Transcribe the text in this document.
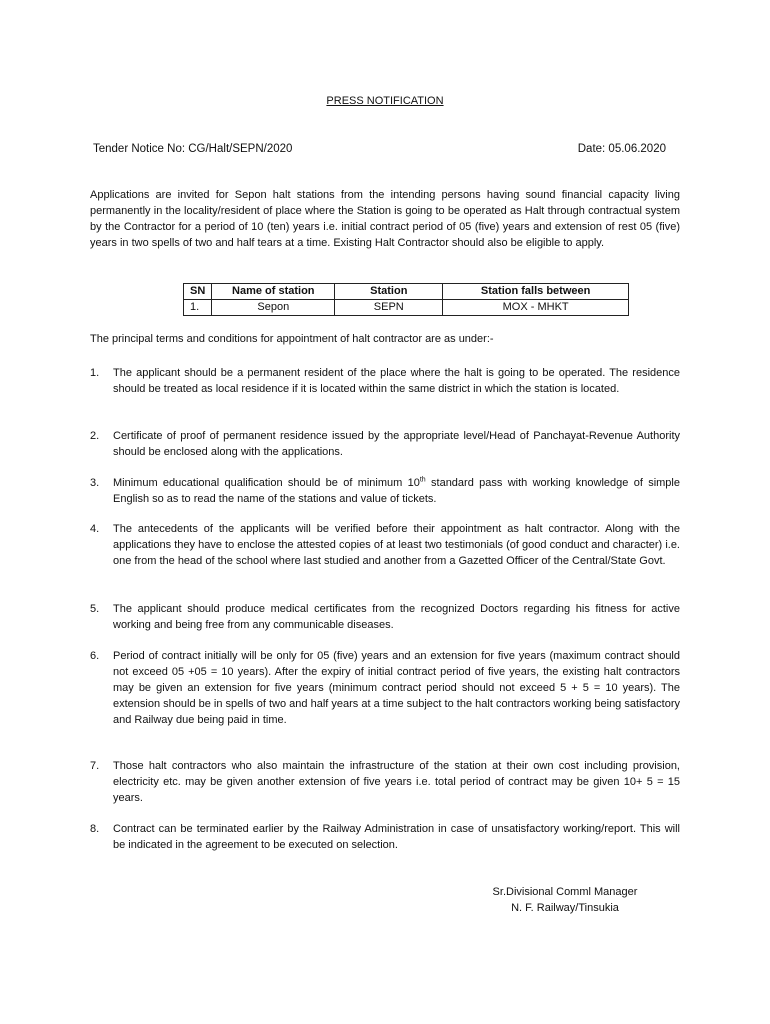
PRESS NOTIFICATION
Tender Notice No: CG/Halt/SEPN/2020	Date: 05.06.2020
Applications are invited for Sepon halt stations from the intending persons having sound financial capacity living permanently in the locality/resident of place where the Station is going to be operated as Halt through contractual system by the Contractor for a period of 10 (ten) years i.e. initial contract period of 05 (five) years and extension of rest 05 (five) years in two spells of two and half tears at a time. Existing Halt Contractor should also be eligible to apply.
SN	Name of station	Station	Station falls between
1.	Sepon	SEPN	MOX - MHKT
The principal terms and conditions for appointment of halt contractor are as under:-
1. The applicant should be a permanent resident of the place where the halt is going to be operated. The residence should be treated as local residence if it is located within the same district in which the station is located.
2. Certificate of proof of permanent residence issued by the appropriate level/Head of Panchayat-Revenue Authority should be enclosed along with the applications.
3. Minimum educational qualification should be of minimum 10th standard pass with working knowledge of simple English so as to read the name of the stations and value of tickets.
4. The antecedents of the applicants will be verified before their appointment as halt contractor. Along with the applications they have to enclose the attested copies of at least two testimonials (of good conduct and character) i.e. one from the head of the school where last studied and another from a Gazetted Officer of the Central/State Govt.
5. The applicant should produce medical certificates from the recognized Doctors regarding his fitness for active working and being free from any communicable diseases.
6. Period of contract initially will be only for 05 (five) years and an extension for five years (maximum contract should not exceed 05 +05 = 10 years). After the expiry of initial contract period of five years, the existing halt contractors may be given an extension for five years (minimum contract period should not exceed 5 + 5 = 10 years). The extension should be in spells of two and half years at a time subject to the halt contractors working being satisfactory and Railway due being paid in time.
7. Those halt contractors who also maintain the infrastructure of the station at their own cost including provision, electricity etc. may be given another extension of five years i.e. total period of contract may be given 10+ 5 = 15 years.
8. Contract can be terminated earlier by the Railway Administration in case of unsatisfactory working/report. This will be indicated in the agreement to be executed on selection.
Sr.Divisional Comml Manager
N. F. Railway/Tinsukia
